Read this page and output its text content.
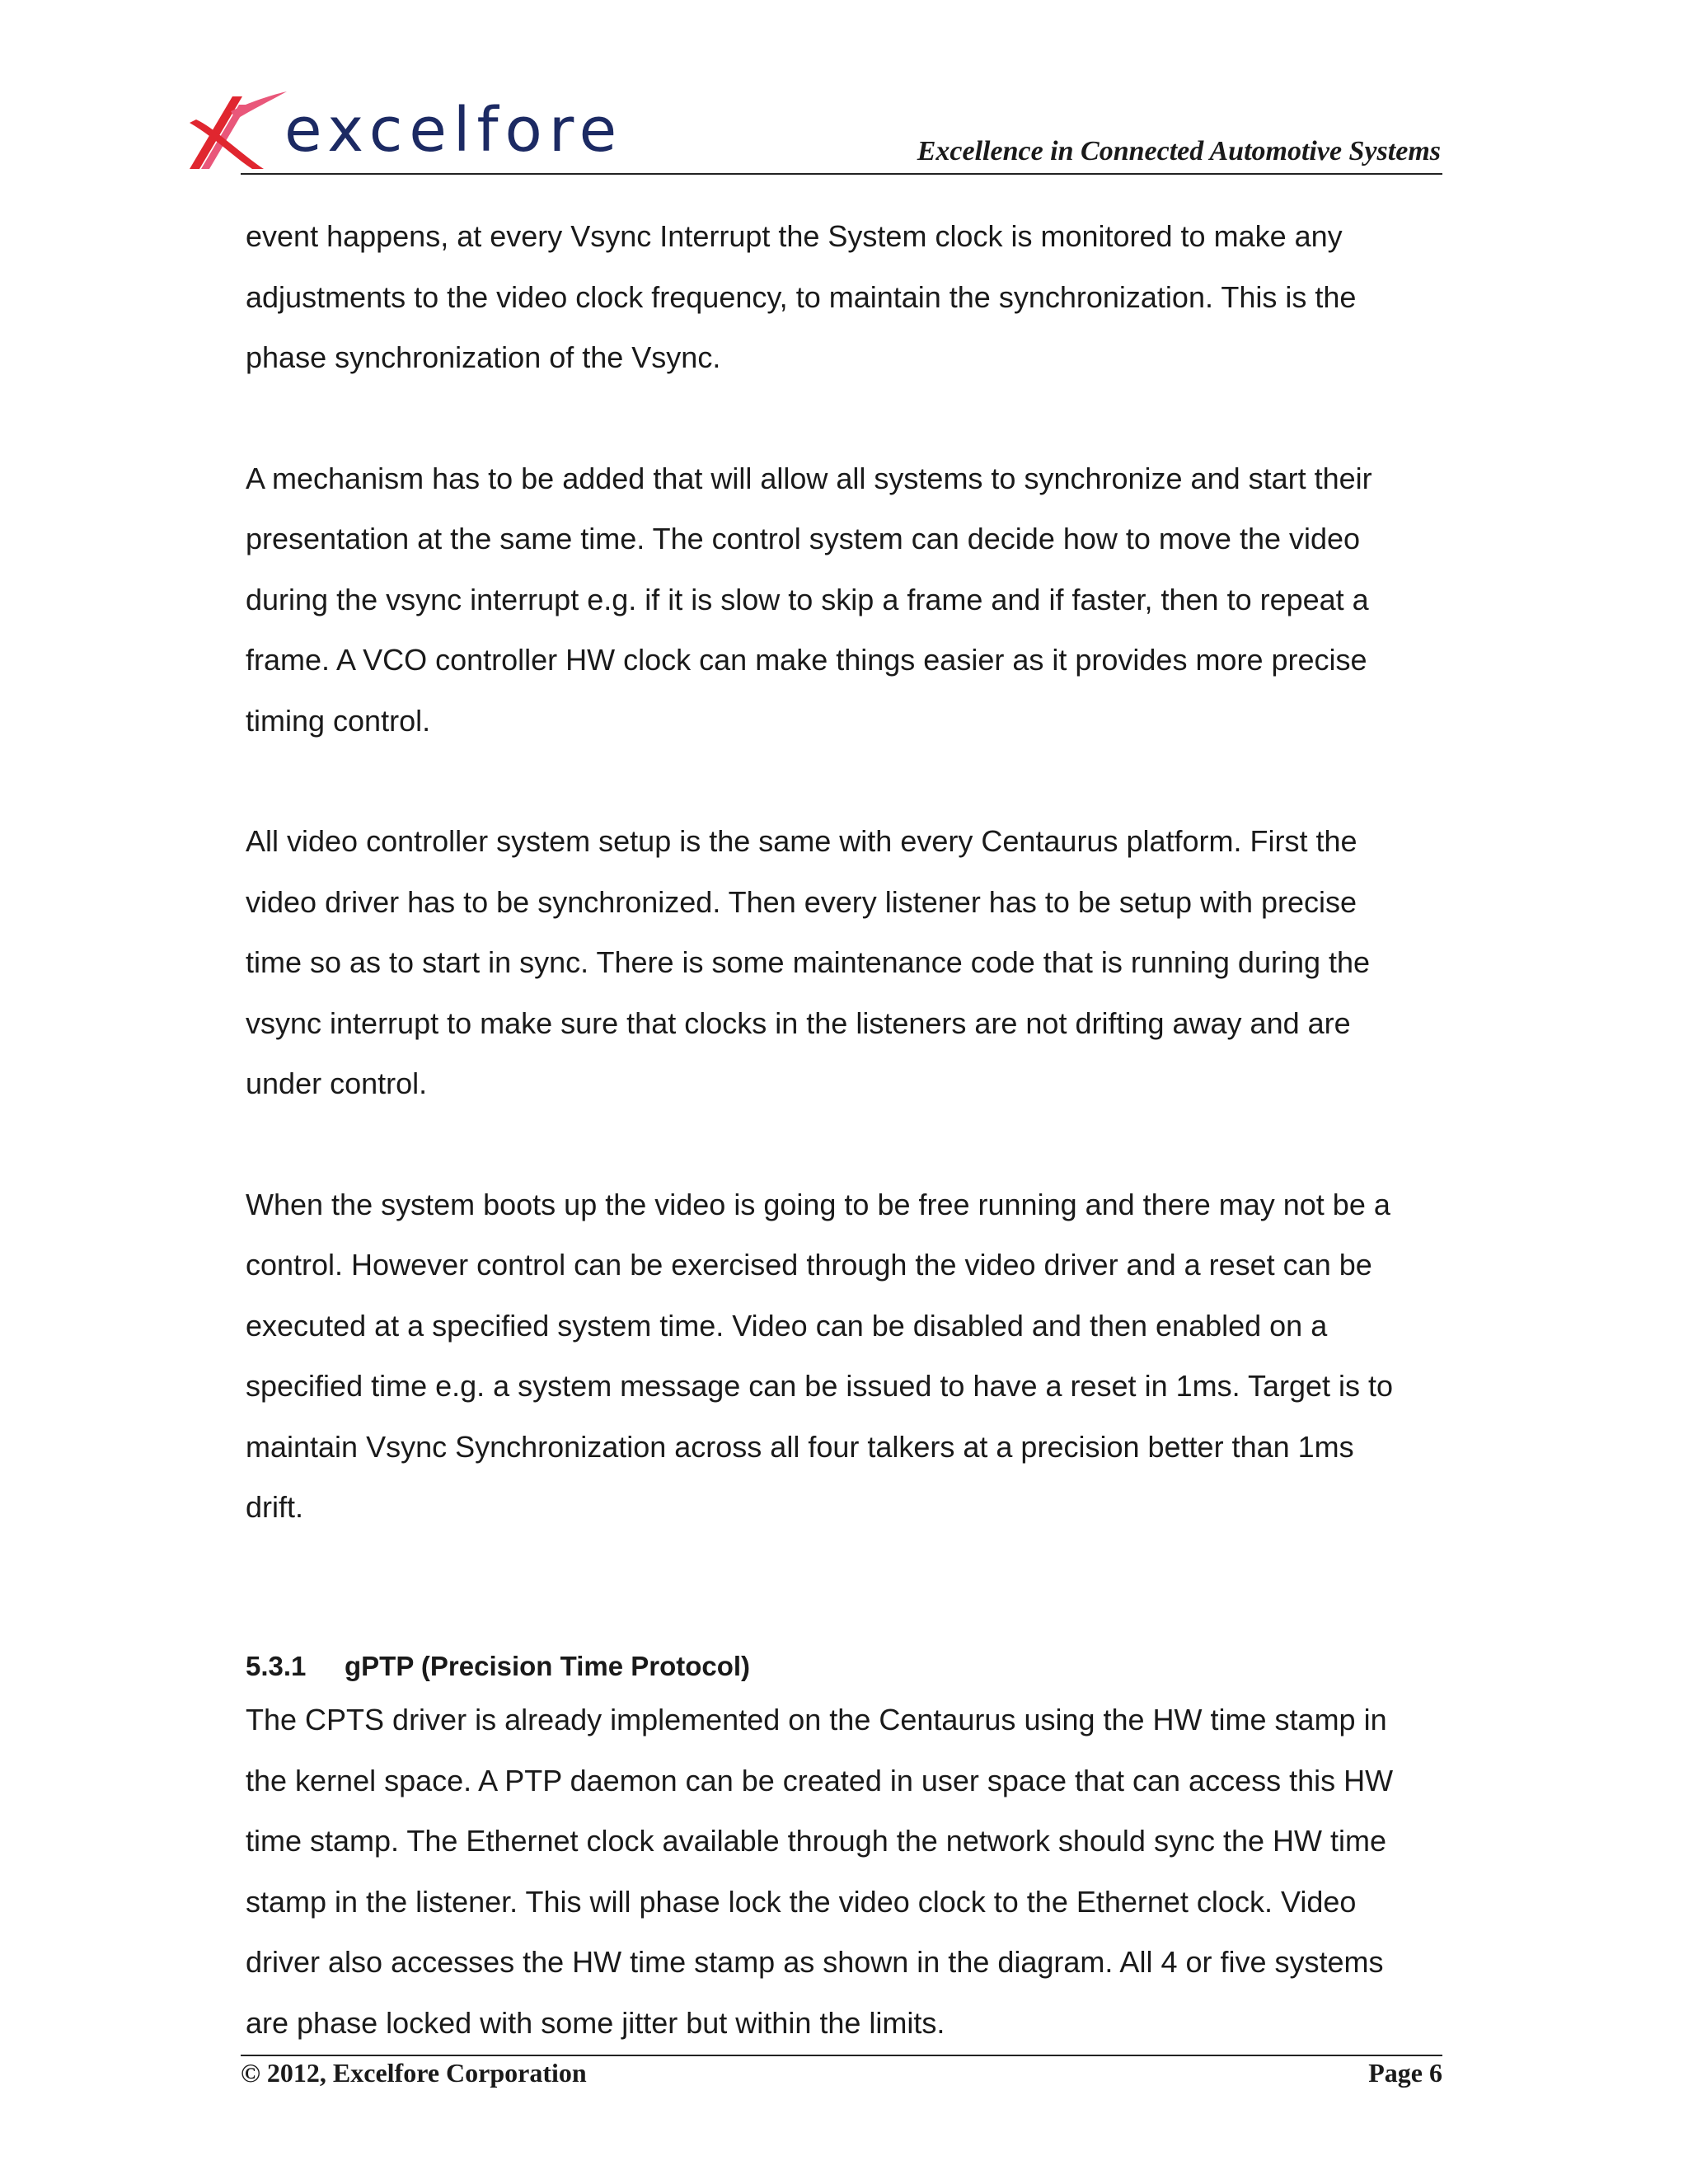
excelfore	Excellence in Connected Automotive Systems

event happens, at every Vsync Interrupt the System clock is monitored to make any
adjustments to the video clock frequency, to maintain the synchronization. This is the
phase synchronization of the Vsync.

A mechanism has to be added that will allow all systems to synchronize and start their
presentation at the same time. The control system can decide how to move the video
during the vsync interrupt e.g. if it is slow to skip a frame and if faster, then to repeat a
frame. A VCO controller HW clock can make things easier as it provides more precise
timing control.

All video controller system setup is the same with every Centaurus platform. First the
video driver has to be synchronized. Then every listener has to be setup with precise
time so as to start in sync. There is some maintenance code that is running during the
vsync interrupt to make sure that clocks in the listeners are not drifting away and are
under control.

When the system boots up the video is going to be free running and there may not be a
control. However control can be exercised through the video driver and a reset can be
executed at a specified system time. Video can be disabled and then enabled on a
specified time e.g. a system message can be issued to have a reset in 1ms. Target is to
maintain Vsync Synchronization across all four talkers at a precision better than 1ms
drift.

5.3.1 gPTP (Precision Time Protocol)

The CPTS driver is already implemented on the Centaurus using the HW time stamp in
the kernel space. A PTP daemon can be created in user space that can access this HW
time stamp. The Ethernet clock available through the network should sync the HW time
stamp in the listener. This will phase lock the video clock to the Ethernet clock. Video
driver also accesses the HW time stamp as shown in the diagram. All 4 or five systems
are phase locked with some jitter but within the limits.

© 2012, Excelfore Corporation	Page 6
